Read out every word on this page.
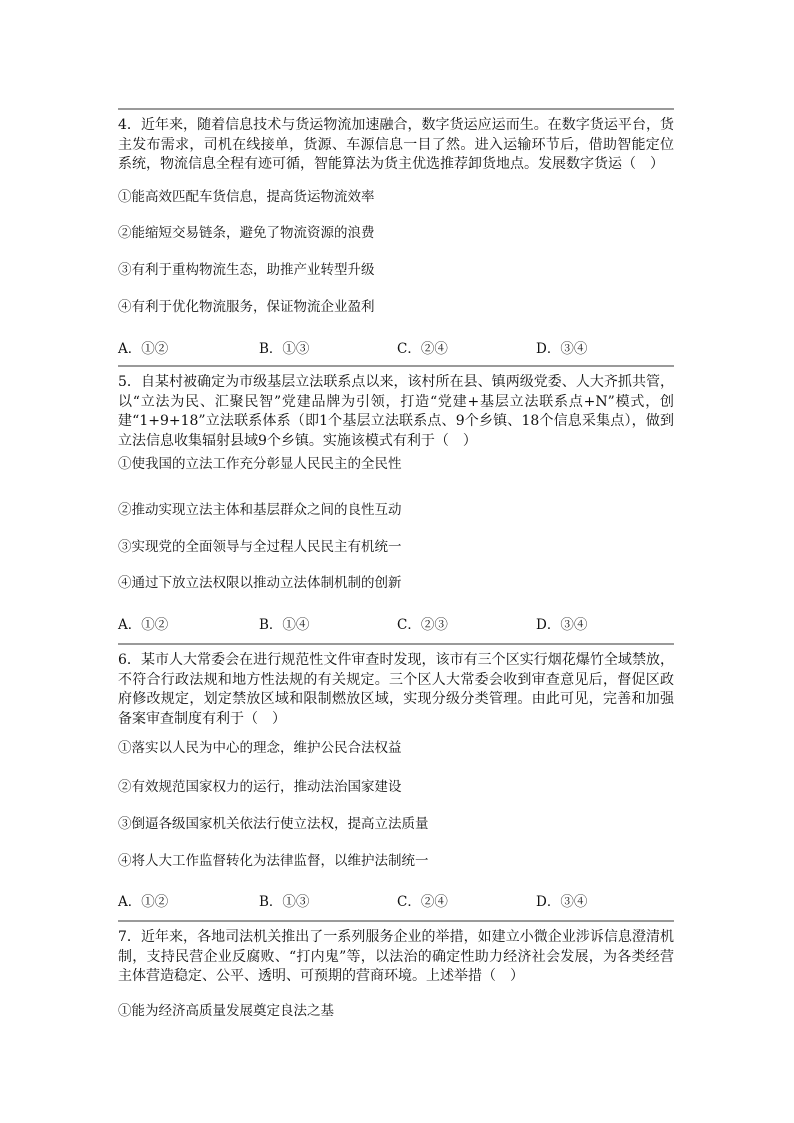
4．近年来，随着信息技术与货运物流加速融合，数字货运应运而生。在数字货运平台，货主发布需求，司机在线接单，货源、车源信息一目了然。进入运输环节后，借助智能定位系统，物流信息全程有迹可循，智能算法为货主优选推荐卸货地点。发展数字货运（　）

①能高效匹配车货信息，提高货运物流效率
②能缩短交易链条，避免了物流资源的浪费
③有利于重构物流生态，助推产业转型升级
④有利于优化物流服务，保证物流企业盈利
A．①②	B．①③	C．②④	D．③④

5．自某村被确定为市级基层立法联系点以来，该村所在县、镇两级党委、人大齐抓共管，以“立法为民、汇聚民智”党建品牌为引领，打造“党建+基层立法联系点+N”模式，创建“1+9+18”立法联系体系（即1个基层立法联系点、9个乡镇、18个信息采集点），做到立法信息收集辐射县域9个乡镇。实施该模式有利于（　）

①使我国的立法工作充分彰显人民民主的全民性
②推动实现立法主体和基层群众之间的良性互动
③实现党的全面领导与全过程人民民主有机统一
④通过下放立法权限以推动立法体制机制的创新
A．①②	B．①④	C．②③	D．③④

6．某市人大常委会在进行规范性文件审查时发现，该市有三个区实行烟花爆竹全域禁放，不符合行政法规和地方性法规的有关规定。三个区人大常委会收到审查意见后，督促区政府修改规定，划定禁放区域和限制燃放区域，实现分级分类管理。由此可见，完善和加强备案审查制度有利于（　）

①落实以人民为中心的理念，维护公民合法权益
②有效规范国家权力的运行，推动法治国家建设
③倒逼各级国家机关依法行使立法权，提高立法质量
④将人大工作监督转化为法律监督，以维护法制统一
A．①②	B．①③	C．②④	D．③④

7．近年来，各地司法机关推出了一系列服务企业的举措，如建立小微企业涉诉信息澄清机制，支持民营企业反腐败、“打内鬼”等，以法治的确定性助力经济社会发展，为各类经营主体营造稳定、公平、透明、可预期的营商环境。上述举措（　）

①能为经济高质量发展奠定良法之基
